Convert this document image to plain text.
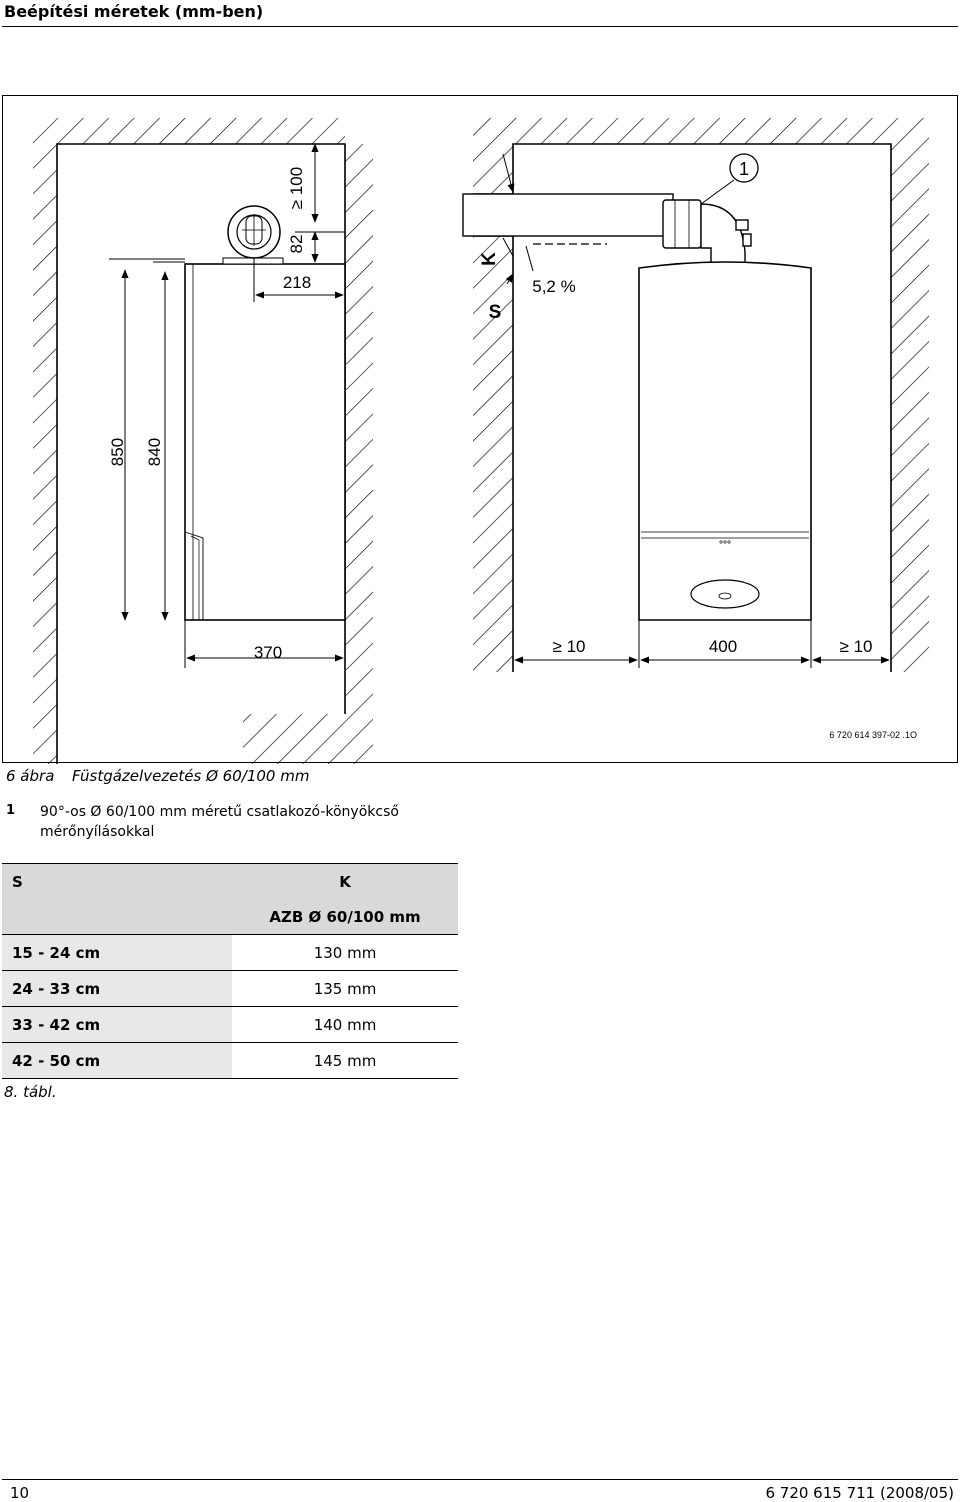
Beépítési méretek (mm-ben)
850 840
370
218
82
≥ 100	1
K
S
5,2 %
≥ 10	400	≥ 10
6 720 614 397-02 .1O
6 ábra Füstgázelvezetés Ø 60/100 mm
1 90°-os Ø 60/100 mm méretű csatlakozó-könyökcső mérőnyílásokkal
S	K
	AZB Ø 60/100 mm
15 - 24 cm	130 mm
24 - 33 cm	135 mm
33 - 42 cm	140 mm
42 - 50 cm	145 mm
8. tábl.
10	6 720 615 711 (2008/05)
